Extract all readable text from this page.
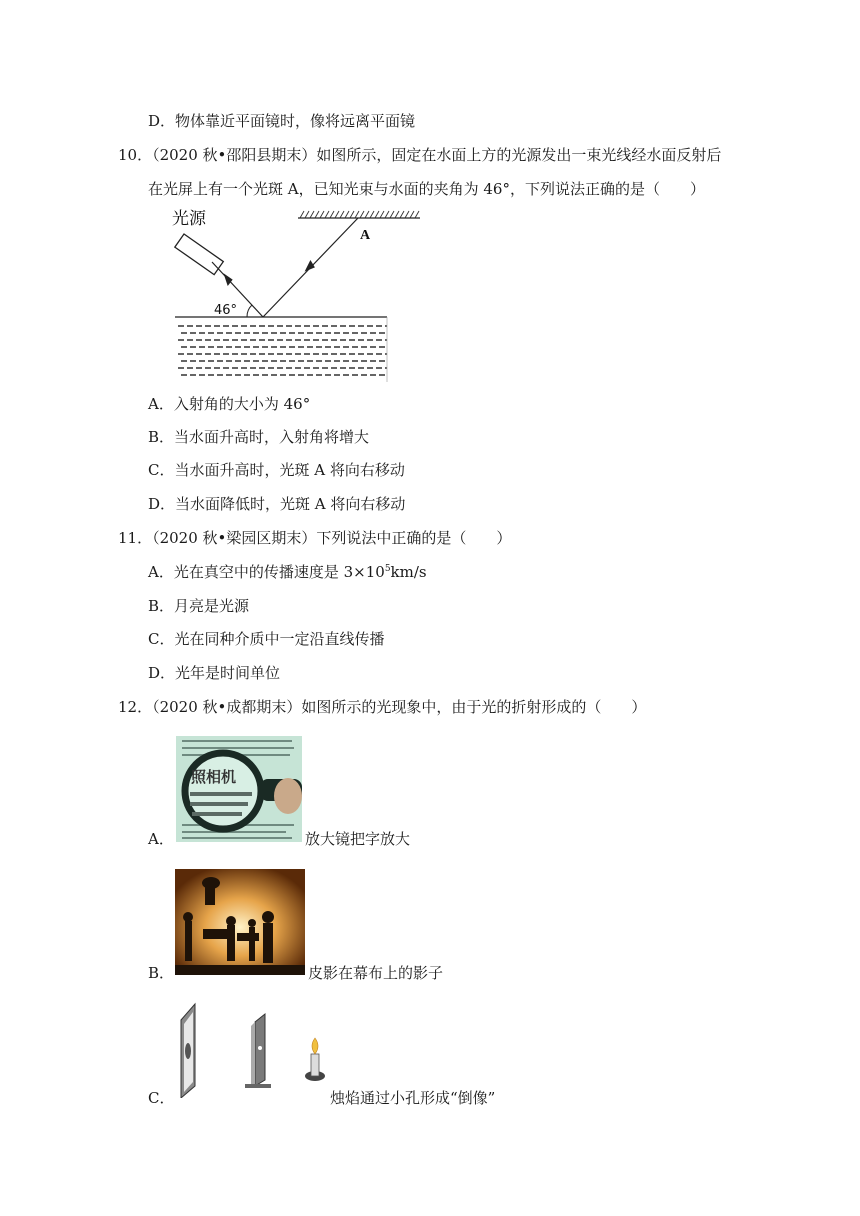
D．物体靠近平面镜时，像将远离平面镜
10．（2020 秋•邵阳县期末）如图所示，固定在水面上方的光源发出一束光线经水面反射后
在光屏上有一个光斑 A，已知光束与水面的夹角为 46°，下列说法正确的是（　　）
光源
A
46°
A．入射角的大小为 46°
B．当水面升高时，入射角将增大
C．当水面升高时，光斑 A 将向右移动
D．当水面降低时，光斑 A 将向右移动
11．（2020 秋•梁园区期末）下列说法中正确的是（　　）
A．光在真空中的传播速度是 $3\times 10^5km/s$
B．月亮是光源
C．光在同种介质中一定沿直线传播
D．光年是时间单位
12．（2020 秋•成都期末）如图所示的光现象中，由于光的折射形成的（　　）
A．
照相机
放大镜把字放大
B．	皮影在幕布上的影子
C．	烛焰通过小孔形成“倒像”
